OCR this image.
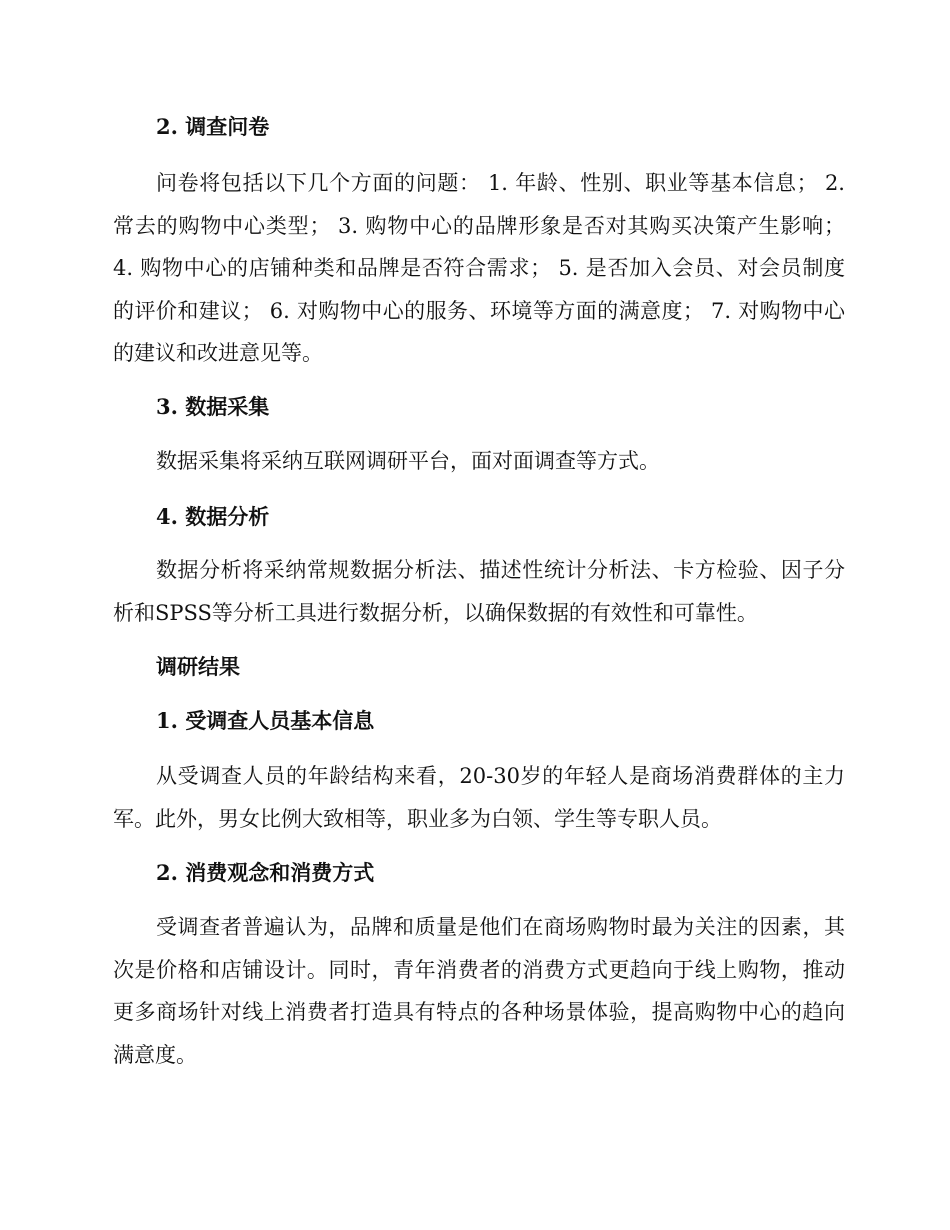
2. 调查问卷

问卷将包括以下几个方面的问题： 1. 年龄、性别、职业等基本信息； 2. 常去的购物中心类型； 3. 购物中心的品牌形象是否对其购买决策产生影响； 4. 购物中心的店铺种类和品牌是否符合需求； 5. 是否加入会员、对会员制度的评价和建议； 6. 对购物中心的服务、环境等方面的满意度； 7. 对购物中心的建议和改进意见等。

3. 数据采集

数据采集将采纳互联网调研平台，面对面调查等方式。

4. 数据分析

数据分析将采纳常规数据分析法、描述性统计分析法、卡方检验、因子分析和SPSS等分析工具进行数据分析，以确保数据的有效性和可靠性。

调研结果
1. 受调查人员基本信息

从受调查人员的年龄结构来看，20-30岁的年轻人是商场消费群体的主力军。此外，男女比例大致相等，职业多为白领、学生等专职人员。

2. 消费观念和消费方式

受调查者普遍认为，品牌和质量是他们在商场购物时最为关注的因素，其次是价格和店铺设计。同时，青年消费者的消费方式更趋向于线上购物，推动更多商场针对线上消费者打造具有特点的各种场景体验，提高购物中心的趋向满意度。
